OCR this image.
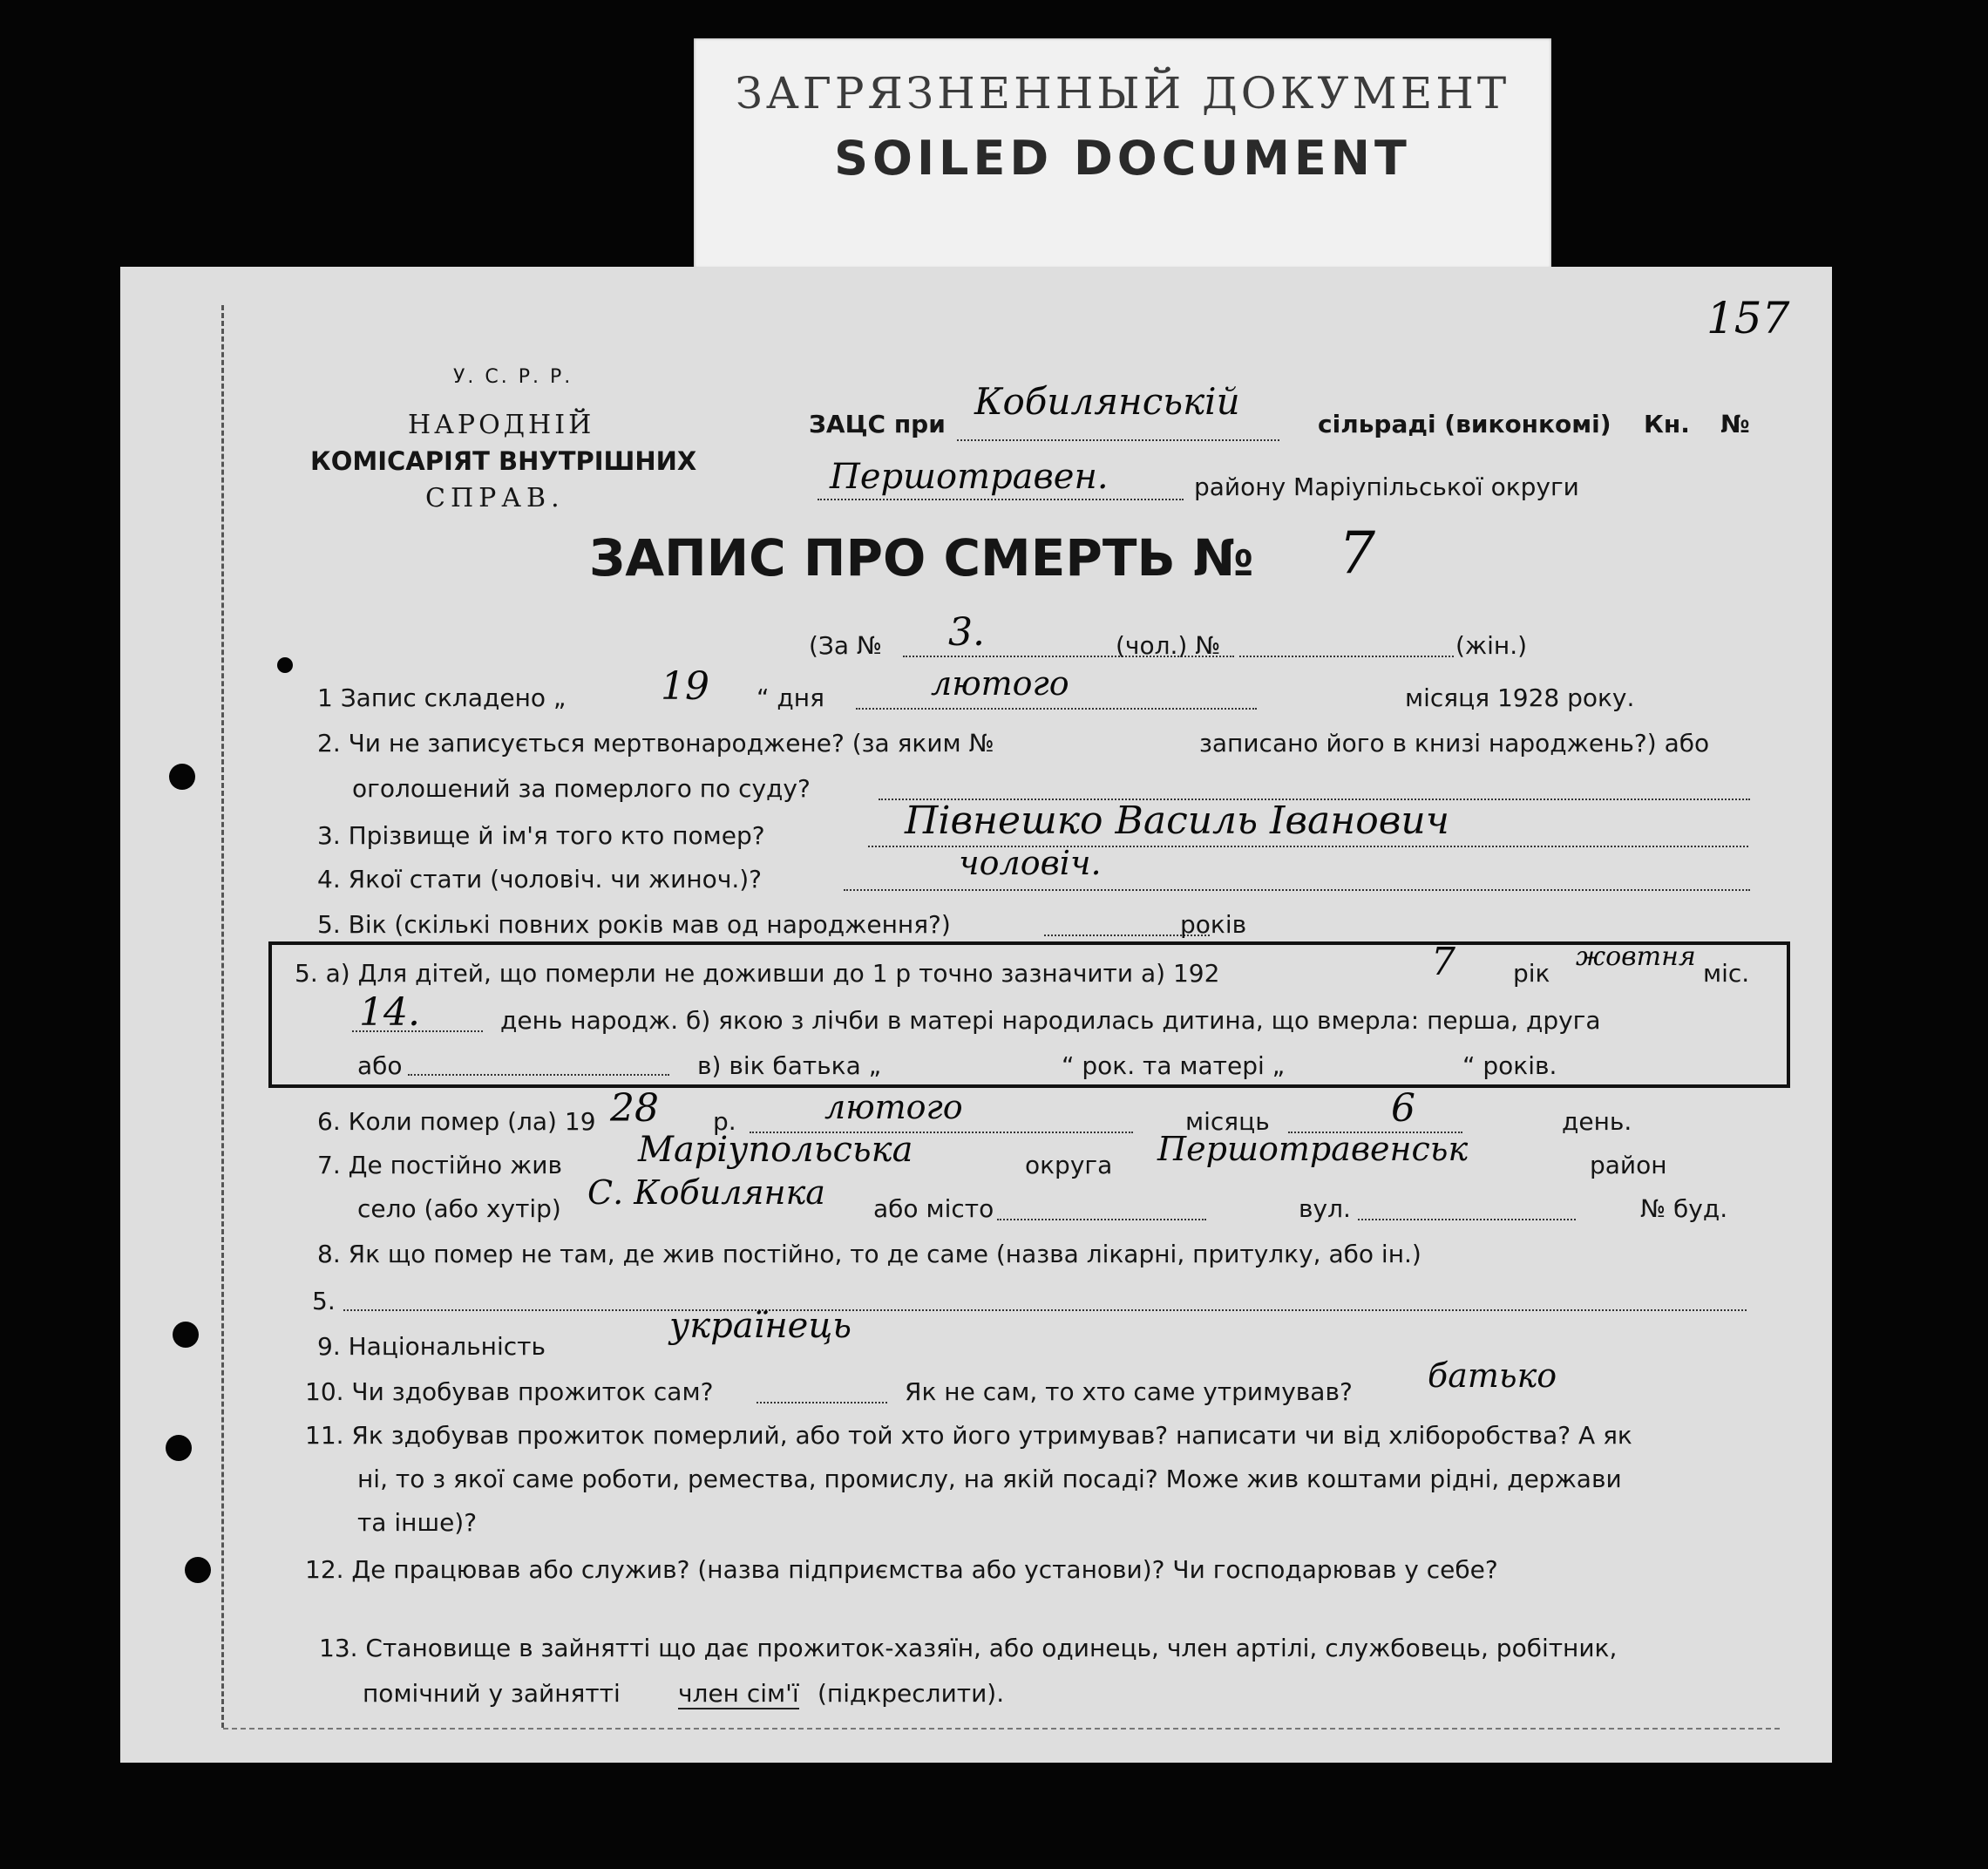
ЗАГРЯЗНЕННЫЙ ДОКУМЕНТ
SOILED DOCUMENT
157
У. С. Р. Р.
НАРОДНІЙ
КОМІСАРІЯТ ВНУТРІШНИХ
СПРАВ.
ЗАЦС при
Кобилянській
сільраді (виконкомі) Кн. №
Першотравен.	району Маріупільської округи
ЗАПИС ПРО СМЕРТЬ № 7
(За № 3.	(чол.) №	(жін.)
1 Запис складено „ 19 “ дня	лютого	місяця 1928 року.
2. Чи не записується мертвонароджене? (за яким №	записано його в книзі народжень?) або
оголошений за померлого по суду?
3. Прізвище й ім'я того кто помер?	Півнешко Василь Іванович
4. Якої стати (чоловіч. чи жиноч.)?	чоловіч.
5. Вік (скількі повних років мав од народження?)	років
5. а) Для дітей, що померли не доживши до 1 р точно зазначити а) 192	7 рік
жовтня
міс.
14.	день народж. б) якою з лічби в матері народилась дитина, що вмерла: перша, друга
або	в) вік батька „	“ рок. та матері „	“ років.
6. Коли помер (ла) 19 28 р.	лютого	місяць	6	день.
7. Де постійно жив Маріупольська	округа Першотравенськ	район
село (або хутір) С. Кобилянка або місто	вул.	№ буд.
8. Як що помер не там, де жив постійно, то де саме (назва лікарні, притулку, або ін.)
5.
9. Національність
українець
10. Чи здобував прожиток сам?	Як не сам, то хто саме утримував? батько
11. Як здобував прожиток померлий, або той хто його утримував? написати чи від хліборобства? А як
ні, то з якої саме роботи, ремества, промислу, на якій посаді? Може жив коштами рідні, держави
та інше)?
12. Де працював або служив? (назва підприємства або установи)? Чи господарював у себе?
13. Становище в зайнятті що дає прожиток-хазяїн, або одинець, член артілі, службовець, робітник,
помічний у зайнятті член сім'ї (підкреслити).
